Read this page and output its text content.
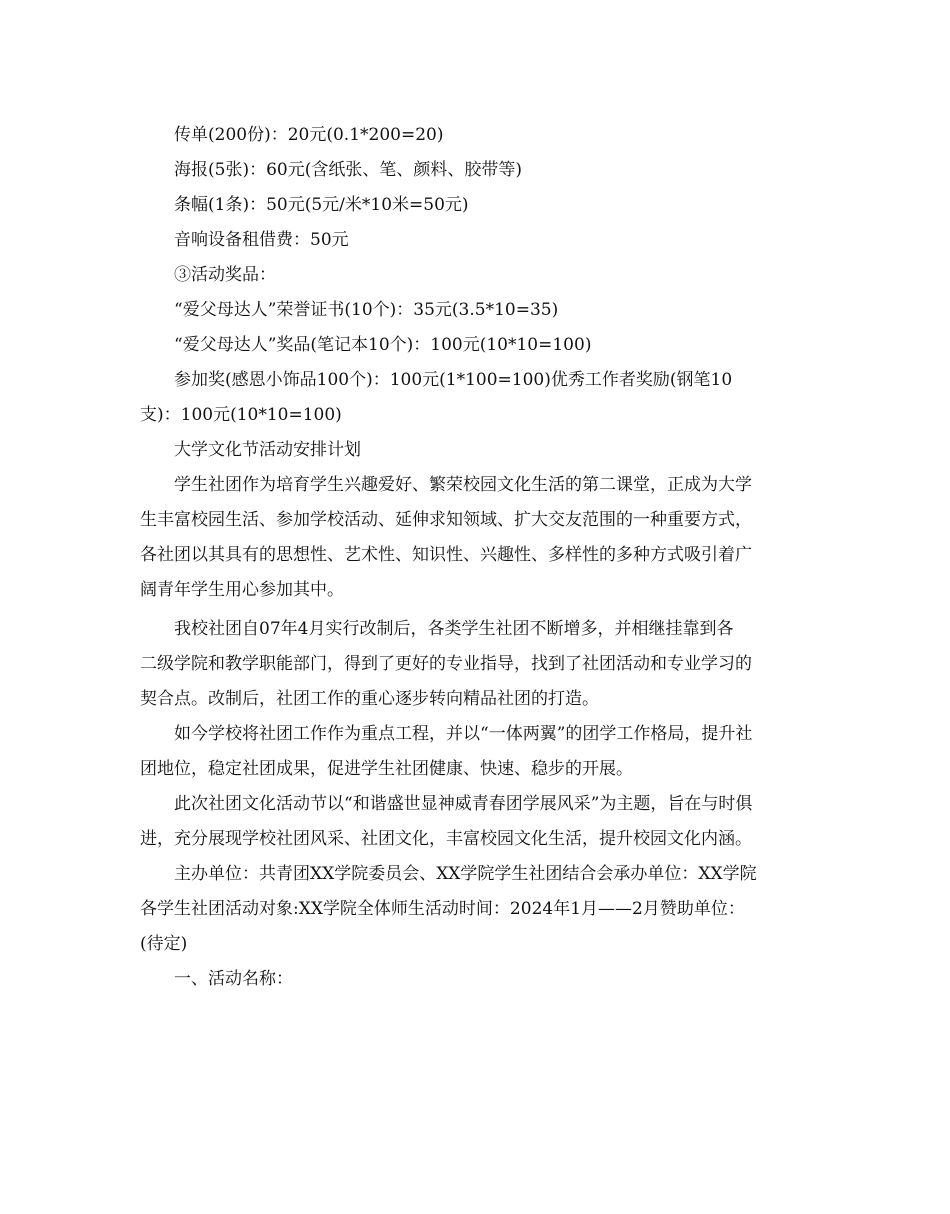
传单(200份)：20元(0.1*200=20)
海报(5张)：60元(含纸张、笔、颜料、胶带等)
条幅(1条)：50元(5元/米*10米=50元)
音响设备租借费：50元
③活动奖品：
“爱父母达人”荣誉证书(10个)：35元(3.5*10=35)
“爱父母达人”奖品(笔记本10个)：100元(10*10=100)
参加奖(感恩小饰品100个)：100元(1*100=100)优秀工作者奖励(钢笔10
支)：100元(10*10=100)
大学文化节活动安排计划
学生社团作为培育学生兴趣爱好、繁荣校园文化生活的第二课堂，正成为大学
生丰富校园生活、参加学校活动、延伸求知领域、扩大交友范围的一种重要方式，
各社团以其具有的思想性、艺术性、知识性、兴趣性、多样性的多种方式吸引着广
阔青年学生用心参加其中。
我校社团自07年4月实行改制后，各类学生社团不断增多，并相继挂靠到各
二级学院和教学职能部门，得到了更好的专业指导，找到了社团活动和专业学习的
契合点。改制后，社团工作的重心逐步转向精品社团的打造。
如今学校将社团工作作为重点工程，并以“一体两翼”的团学工作格局，提升社
团地位，稳定社团成果，促进学生社团健康、快速、稳步的开展。
此次社团文化活动节以“和谐盛世显神威青春团学展风采”为主题，旨在与时俱
进，充分展现学校社团风采、社团文化，丰富校园文化生活，提升校园文化内涵。
主办单位：共青团XX学院委员会、XX学院学生社团结合会承办单位：XX学院
各学生社团活动对象:XX学院全体师生活动时间：2024年1月——2月赞助单位：
(待定)
一、活动名称：
